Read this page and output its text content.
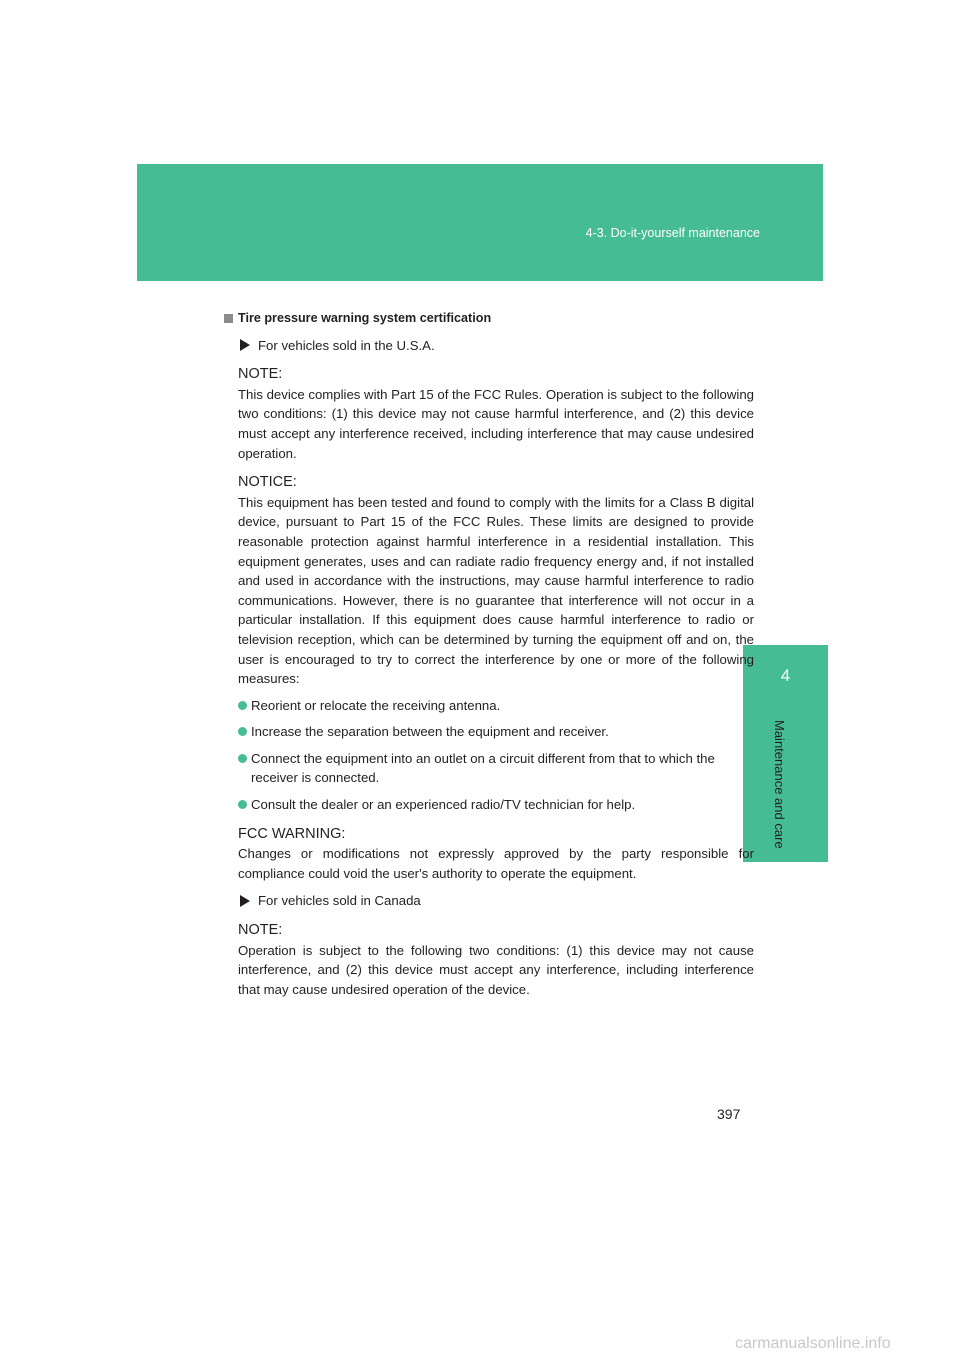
4-3. Do-it-yourself maintenance
4
Maintenance and care
Tire pressure warning system certification
For vehicles sold in the U.S.A.
NOTE:
This device complies with Part 15 of the FCC Rules. Operation is subject to the following two conditions: (1) this device may not cause harmful interference, and (2) this device must accept any interference received, including interference that may cause undesired operation.
NOTICE:
This equipment has been tested and found to comply with the limits for a Class B digital device, pursuant to Part 15 of the FCC Rules. These limits are designed to provide reasonable protection against harmful interference in a residential installation. This equipment generates, uses and can radiate radio frequency energy and, if not installed and used in accordance with the instructions, may cause harmful interference to radio communications. However, there is no guarantee that interference will not occur in a particular installation. If this equipment does cause harmful interference to radio or television reception, which can be determined by turning the equipment off and on, the user is encouraged to try to correct the interference by one or more of the following measures:
Reorient or relocate the receiving antenna.
Increase the separation between the equipment and receiver.
Connect the equipment into an outlet on a circuit different from that to which the receiver is connected.
Consult the dealer or an experienced radio/TV technician for help.
FCC WARNING:
Changes or modifications not expressly approved by the party responsible for compliance could void the user's authority to operate the equipment.
For vehicles sold in Canada
NOTE:
Operation is subject to the following two conditions: (1) this device may not cause interference, and (2) this device must accept any interference, including interference that may cause undesired operation of the device.
397
carmanualsonline.info
